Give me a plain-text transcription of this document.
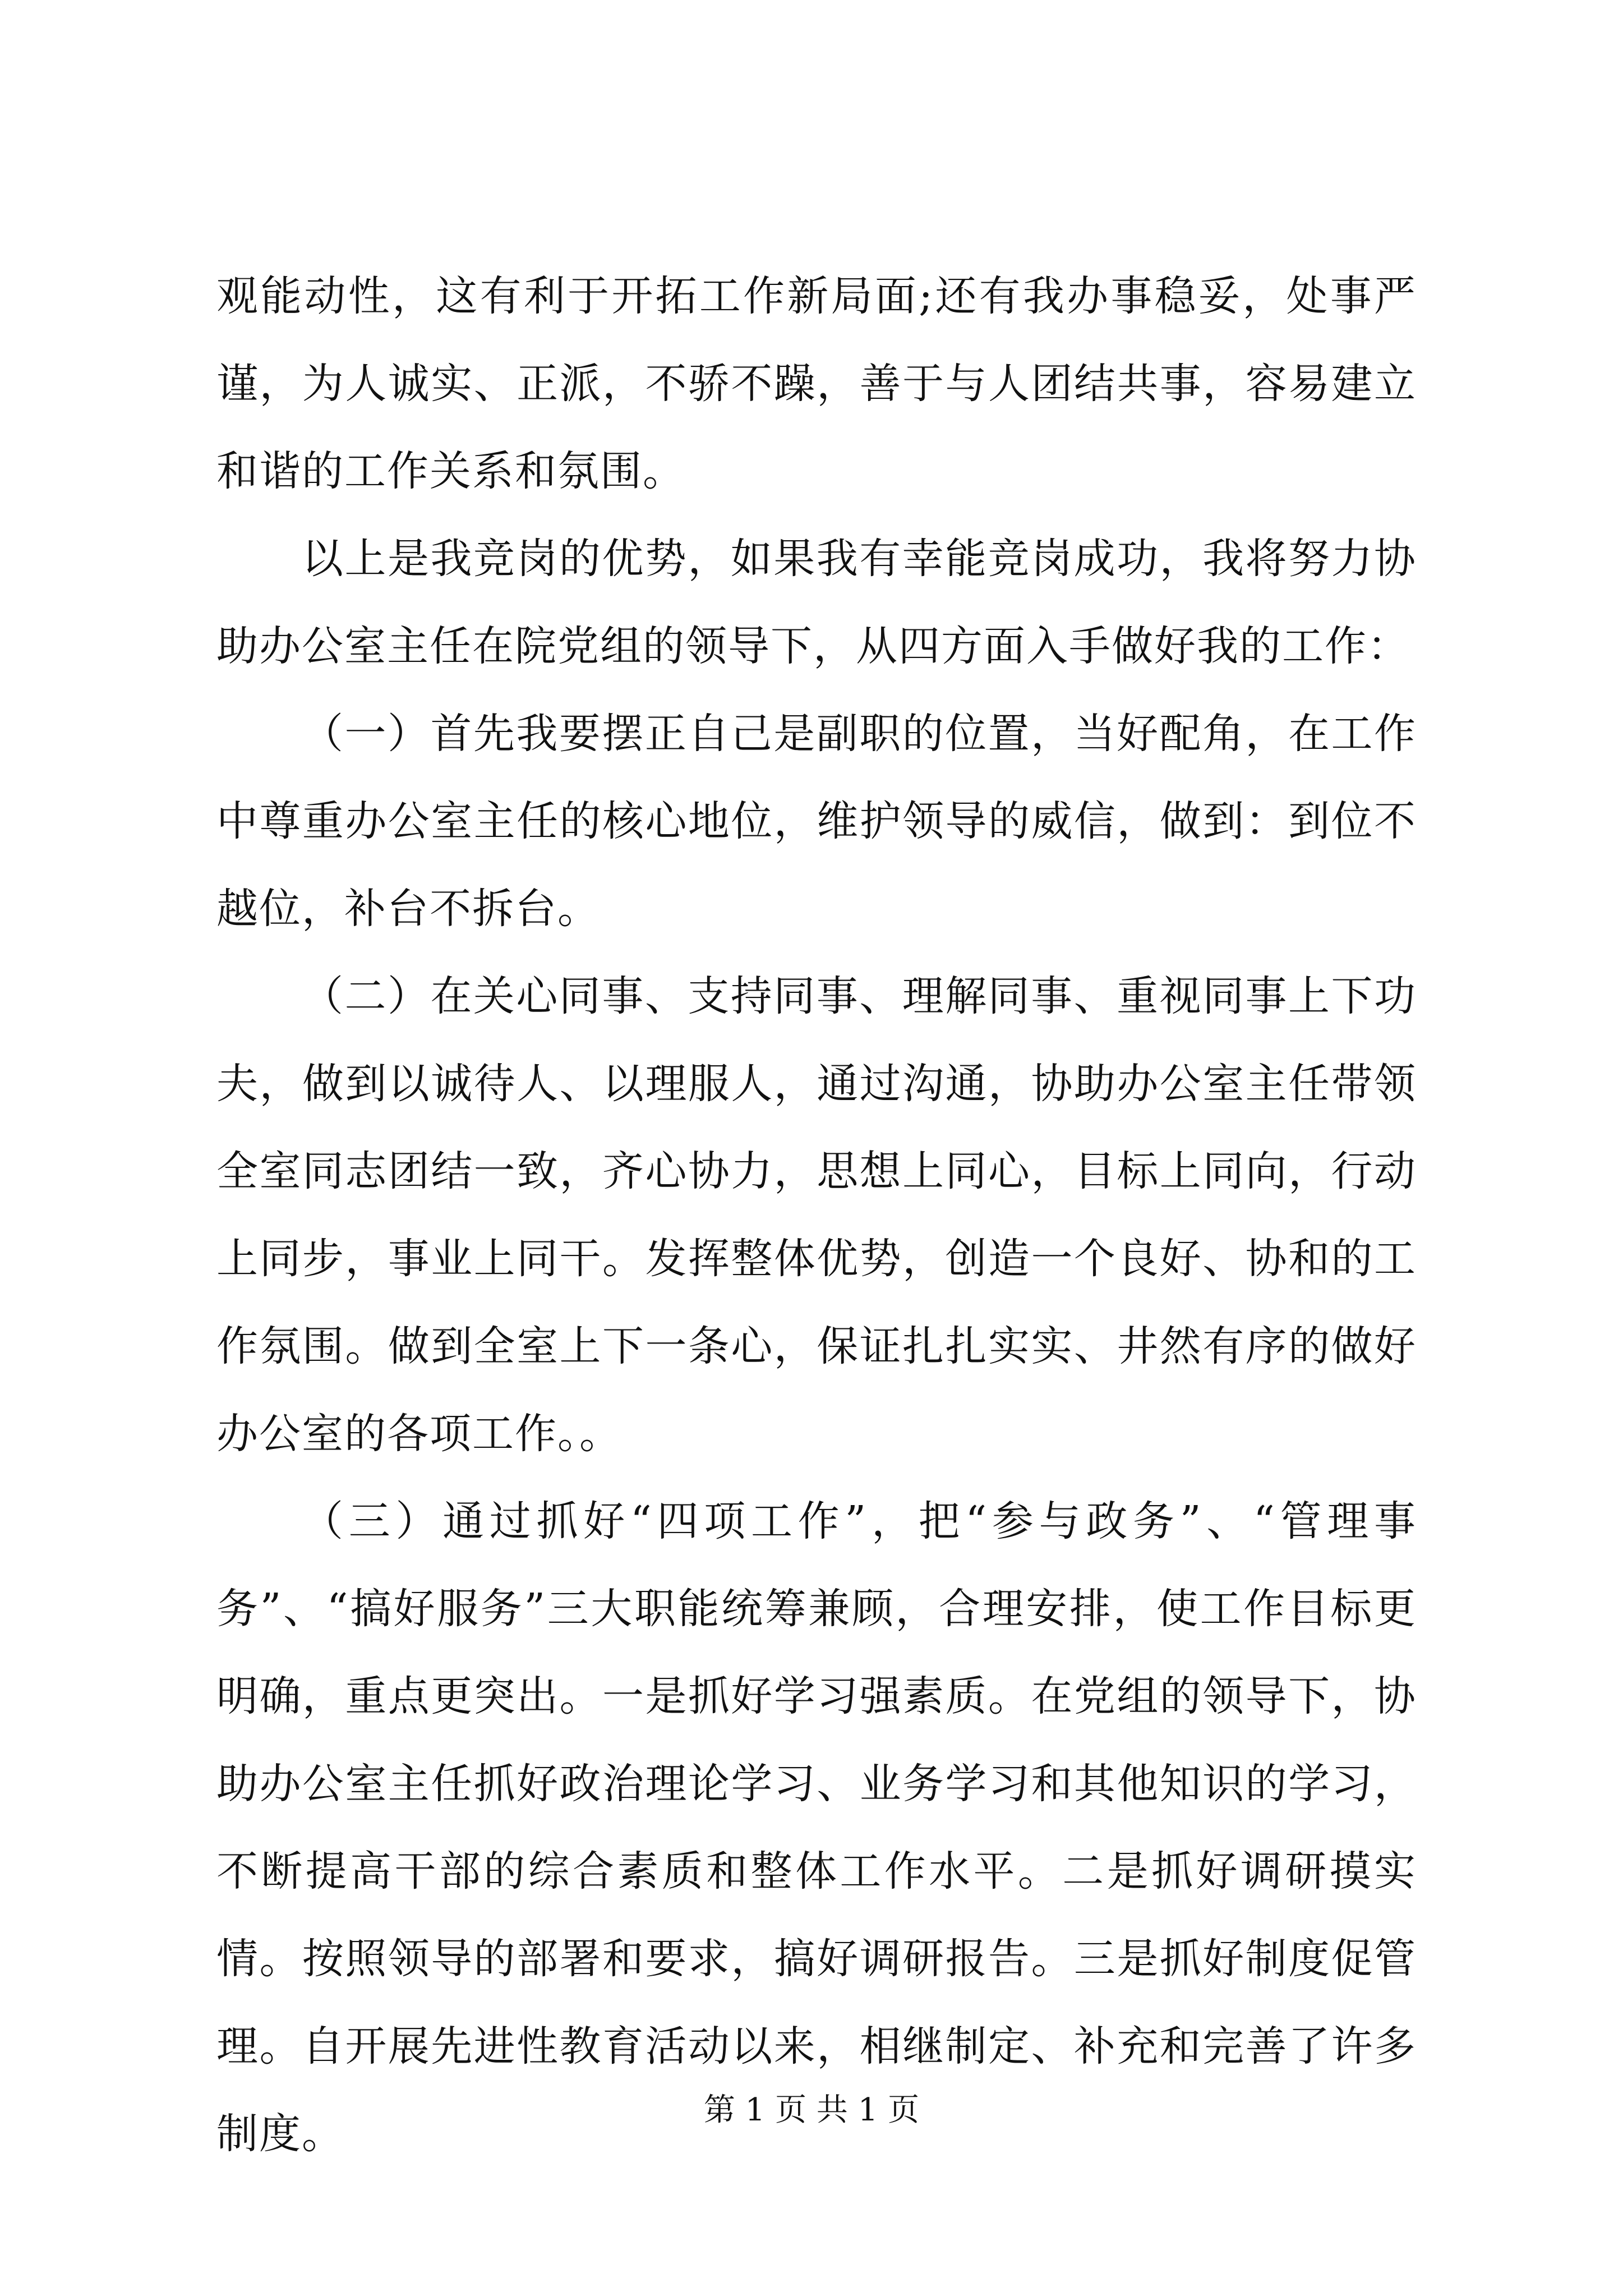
观能动性，这有利于开拓工作新局面;还有我办事稳妥，处事严谨，为人诚实、正派，不骄不躁，善于与人团结共事，容易建立和谐的工作关系和氛围。

以上是我竞岗的优势，如果我有幸能竞岗成功，我将努力协助办公室主任在院党组的领导下，从四方面入手做好我的工作：

（一）首先我要摆正自己是副职的位置，当好配角，在工作中尊重办公室主任的核心地位，维护领导的威信，做到：到位不越位，补台不拆台。

（二）在关心同事、支持同事、理解同事、重视同事上下功夫，做到以诚待人、以理服人，通过沟通，协助办公室主任带领全室同志团结一致，齐心协力，思想上同心，目标上同向，行动上同步，事业上同干。发挥整体优势，创造一个良好、协和的工作氛围。做到全室上下一条心，保证扎扎实实、井然有序的做好办公室的各项工作。。

（三）通过抓好“四项工作”，把“参与政务”、“管理事务”、“搞好服务”三大职能统筹兼顾，合理安排，使工作目标更明确，重点更突出。一是抓好学习强素质。在党组的领导下，协助办公室主任抓好政治理论学习、业务学习和其他知识的学习，不断提高干部的综合素质和整体工作水平。二是抓好调研摸实情。按照领导的部署和要求，搞好调研报告。三是抓好制度促管理。自开展先进性教育活动以来，相继制定、补充和完善了许多制度。	第 1 页 共 1 页
